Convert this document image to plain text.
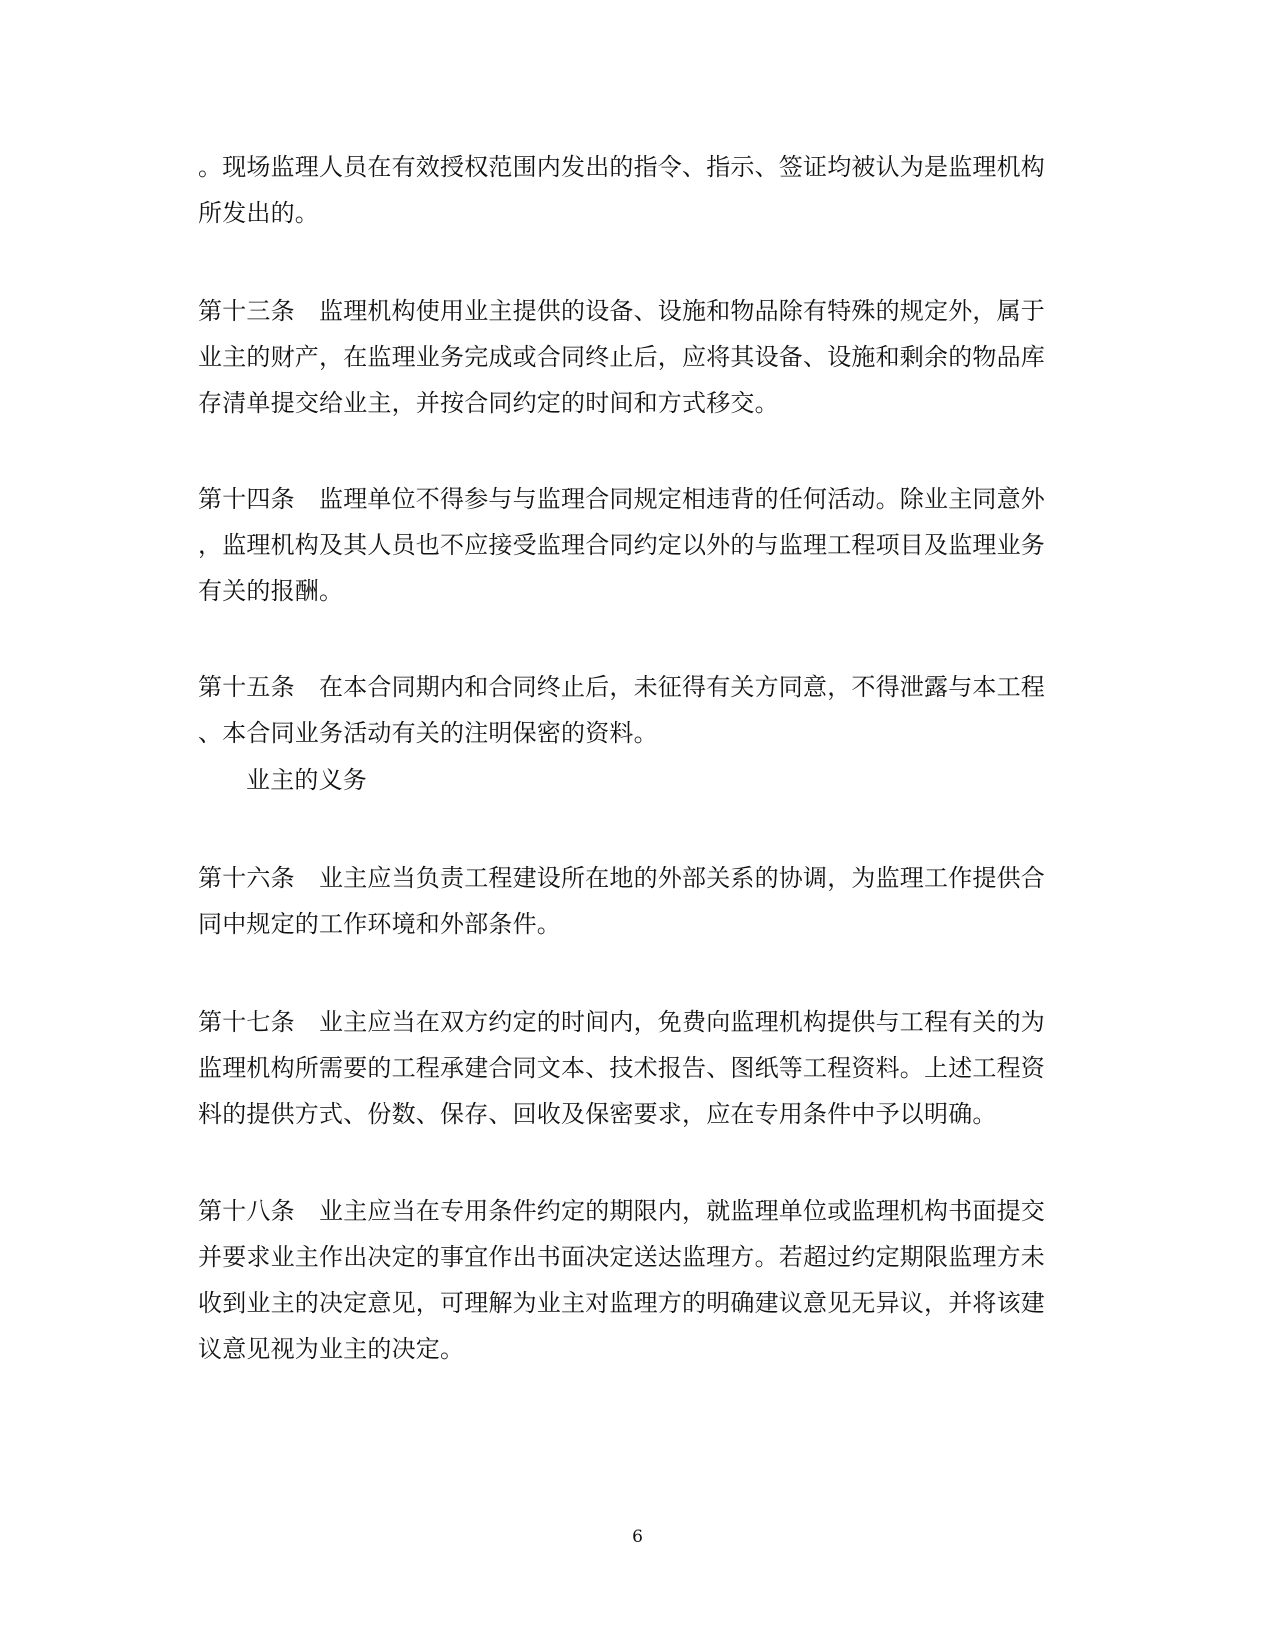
。现场监理人员在有效授权范围内发出的指令、指示、签证均被认为是监理机构
所发出的。
第十三条　监理机构使用业主提供的设备、设施和物品除有特殊的规定外，属于
业主的财产，在监理业务完成或合同终止后，应将其设备、设施和剩余的物品库
存清单提交给业主，并按合同约定的时间和方式移交。
第十四条　监理单位不得参与与监理合同规定相违背的任何活动。除业主同意外
，监理机构及其人员也不应接受监理合同约定以外的与监理工程项目及监理业务
有关的报酬。
第十五条　在本合同期内和合同终止后，未征得有关方同意，不得泄露与本工程
、本合同业务活动有关的注明保密的资料。
业主的义务
第十六条　业主应当负责工程建设所在地的外部关系的协调，为监理工作提供合
同中规定的工作环境和外部条件。
第十七条　业主应当在双方约定的时间内，免费向监理机构提供与工程有关的为
监理机构所需要的工程承建合同文本、技术报告、图纸等工程资料。上述工程资
料的提供方式、份数、保存、回收及保密要求，应在专用条件中予以明确。
第十八条　业主应当在专用条件约定的期限内，就监理单位或监理机构书面提交
并要求业主作出决定的事宜作出书面决定送达监理方。若超过约定期限监理方未
收到业主的决定意见，可理解为业主对监理方的明确建议意见无异议，并将该建
议意见视为业主的决定。
6
